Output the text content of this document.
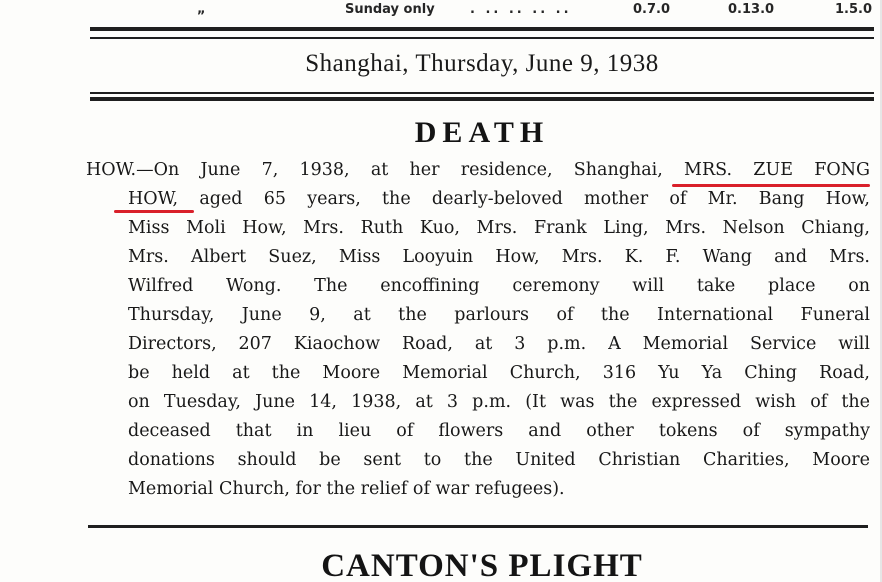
„	Sunday only	. .. .. .. ..	0.7.0	0.13.0	1.5.0
Shanghai, Thursday, June 9, 1938
DEATH
HOW.—On June 7, 1938, at her residence, Shanghai, MRS. ZUE FONG
HOW, aged 65 years, the dearly-beloved mother of Mr. Bang How,
Miss Moli How, Mrs. Ruth Kuo, Mrs. Frank Ling, Mrs. Nelson Chiang,
Mrs. Albert Suez, Miss Looyuin How, Mrs. K. F. Wang and Mrs.
Wilfred Wong. The encoffining ceremony will take place on
Thursday, June 9, at the parlours of the International Funeral
Directors, 207 Kiaochow Road, at 3 p.m. A Memorial Service will
be held at the Moore Memorial Church, 316 Yu Ya Ching Road,
on Tuesday, June 14, 1938, at 3 p.m. (It was the expressed wish of the
deceased that in lieu of flowers and other tokens of sympathy
donations should be sent to the United Christian Charities, Moore
Memorial Church, for the relief of war refugees).
CANTON'S PLIGHT
